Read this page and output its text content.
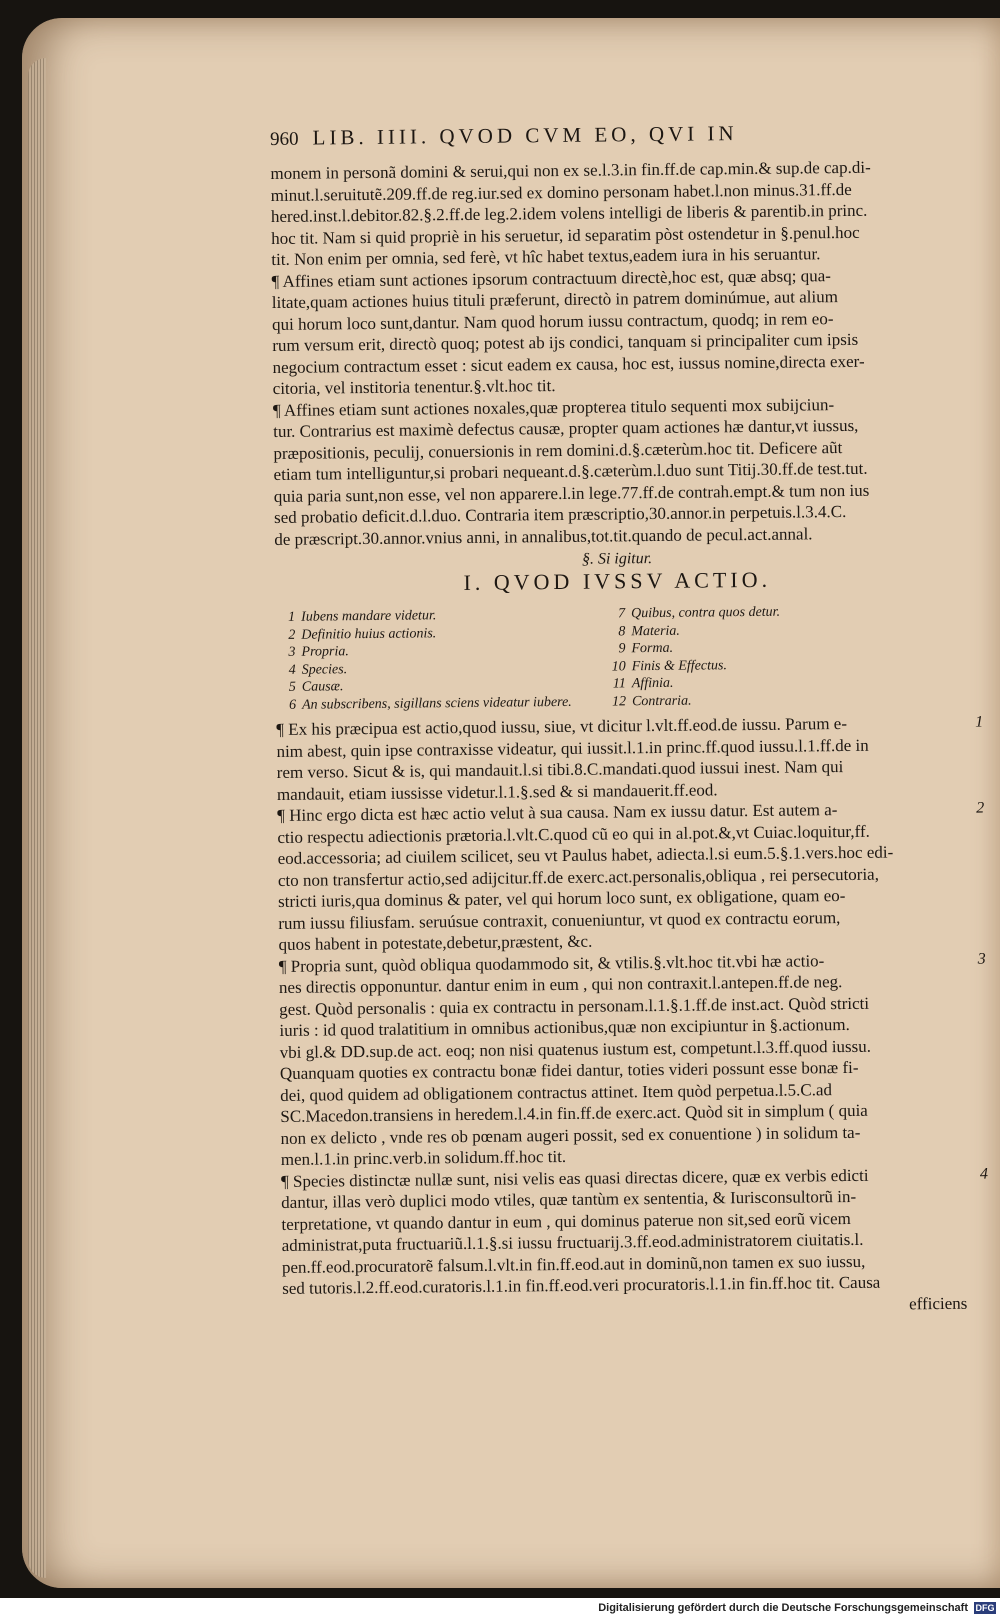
960 LIB. IIII. QVOD CVM EO, QVI IN
monem in personã domini & serui,qui non ex se.l.3.in fin.ff.de cap.min.& sup.de cap.di-
minut.l.seruitutẽ.209.ff.de reg.iur.sed ex domino personam habet.l.non minus.31.ff.de
hered.inst.l.debitor.82.§.2.ff.de leg.2.idem volens intelligi de liberis & parentib.in princ.
hoc tit. Nam si quid propriè in his seruetur, id separatim pòst ostendetur in §.penul.hoc
tit. Non enim per omnia, sed ferè, vt hîc habet textus,eadem iura in his seruantur.
¶ Affines etiam sunt actiones ipsorum contractuum directè,hoc est, quæ absq; qua-
litate,quam actiones huius tituli præferunt, directò in patrem dominúmue, aut alium
qui horum loco sunt,dantur. Nam quod horum iussu contractum, quodq; in rem eo-
rum versum erit, directò quoq; potest ab ijs condici, tanquam si principaliter cum ipsis
negocium contractum esset : sicut eadem ex causa, hoc est, iussus nomine,directa exer-
citoria, vel institoria tenentur.§.vlt.hoc tit.
¶ Affines etiam sunt actiones noxales,quæ propterea titulo sequenti mox subijciun-
tur. Contrarius est maximè defectus causæ, propter quam actiones hæ dantur,vt iussus,
præpositionis, peculij, conuersionis in rem domini.d.§.cæterùm.hoc tit. Deficere aũt
etiam tum intelliguntur,si probari nequeant.d.§.cæterùm.l.duo sunt Titij.30.ff.de test.tut.
quia paria sunt,non esse, vel non apparere.l.in lege.77.ff.de contrah.empt.& tum non ius
sed probatio deficit.d.l.duo. Contraria item præscriptio,30.annor.in perpetuis.l.3.4.C.
de præscript.30.annor.vnius anni, in annalibus,tot.tit.quando de pecul.act.annal.
§. Si igitur.
I. QVOD IVSSV ACTIO.
1 Iubens mandare videtur.
2 Definitio huius actionis.
3 Propria.
4 Species.
5 Causæ.
6 An subscribens, sigillans sciens videatur iubere.
7 Quibus, contra quos detur.
8 Materia.
9 Forma.
10 Finis & Effectus.
11 Affinia.
12 Contraria.
¶ Ex his præcipua est actio,quod iussu, siue, vt dicitur l.vlt.ff.eod.de iussu. Parum e-
nim abest, quin ipse contraxisse videatur, qui iussit.l.1.in princ.ff.quod iussu.l.1.ff.de in
rem verso. Sicut & is, qui mandauit.l.si tibi.8.C.mandati.quod iussui inest. Nam qui
mandauit, etiam iussisse videtur.l.1.§.sed & si mandauerit.ff.eod.
1
¶ Hinc ergo dicta est hæc actio velut à sua causa. Nam ex iussu datur. Est autem a-
ctio respectu adiectionis prætoria.l.vlt.C.quod cũ eo qui in al.pot.&,vt Cuiac.loquitur,ff.
eod.accessoria; ad ciuilem scilicet, seu vt Paulus habet, adiecta.l.si eum.5.§.1.vers.hoc edi-
cto non transfertur actio,sed adijcitur.ff.de exerc.act.personalis,obliqua , rei persecutoria,
stricti iuris,qua dominus & pater, vel qui horum loco sunt, ex obligatione, quam eo-
rum iussu filiusfam. seruúsue contraxit, conueniuntur, vt quod ex contractu eorum,
quos habent in potestate,debetur,præstent, &c.
2
¶ Propria sunt, quòd obliqua quodammodo sit, & vtilis.§.vlt.hoc tit.vbi hæ actio-
nes directis opponuntur. dantur enim in eum , qui non contraxit.l.antepen.ff.de neg.
gest. Quòd personalis : quia ex contractu in personam.l.1.§.1.ff.de inst.act. Quòd stricti
iuris : id quod tralatitium in omnibus actionibus,quæ non excipiuntur in §.actionum.
vbi gl.& DD.sup.de act. eoq; non nisi quatenus iustum est, competunt.l.3.ff.quod iussu.
Quanquam quoties ex contractu bonæ fidei dantur, toties videri possunt esse bonæ fi-
dei, quod quidem ad obligationem contractus attinet. Item quòd perpetua.l.5.C.ad
SC.Macedon.transiens in heredem.l.4.in fin.ff.de exerc.act. Quòd sit in simplum ( quia
non ex delicto , vnde res ob pœnam augeri possit, sed ex conuentione ) in solidum ta-
men.l.1.in princ.verb.in solidum.ff.hoc tit.
3
¶ Species distinctæ nullæ sunt, nisi velis eas quasi directas dicere, quæ ex verbis edicti
dantur, illas verò duplici modo vtiles, quæ tantùm ex sententia, & Iurisconsultorũ in-
terpretatione, vt quando dantur in eum , qui dominus paterue non sit,sed eorũ vicem
administrat,puta fructuariũ.l.1.§.si iussu fructuarij.3.ff.eod.administratorem ciuitatis.l.
pen.ff.eod.procuratorẽ falsum.l.vlt.in fin.ff.eod.aut in dominũ,non tamen ex suo iussu,
sed tutoris.l.2.ff.eod.curatoris.l.1.in fin.ff.eod.veri procuratoris.l.1.in fin.ff.hoc tit. Causa
4
efficiens
Digitalisierung gefördert durch die Deutsche Forschungsgemeinschaft DFG
